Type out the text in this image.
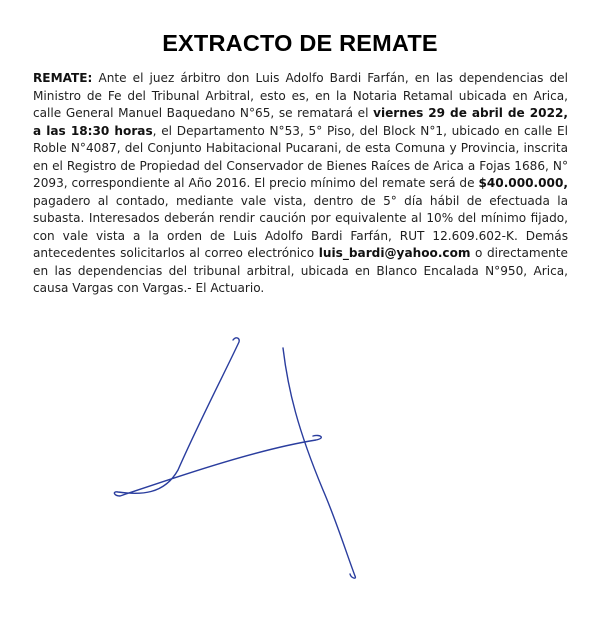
EXTRACTO DE REMATE

REMATE: Ante el juez árbitro don Luis Adolfo Bardi Farfán, en las dependencias del Ministro de Fe del Tribunal Arbitral, esto es, en la Notaria Retamal ubicada en Arica, calle General Manuel Baquedano N°65, se rematará el viernes 29 de abril de 2022, a las 18:30 horas, el Departamento N°53, 5° Piso, del Block N°1, ubicado en calle El Roble N°4087, del Conjunto Habitacional Pucarani, de esta Comuna y Provincia, inscrita en el Registro de Propiedad del Conservador de Bienes Raíces de Arica a Fojas 1686, N° 2093, correspondiente al Año 2016. El precio mínimo del remate será de $40.000.000, pagadero al contado, mediante vale vista, dentro de 5° día hábil de efectuada la subasta. Interesados deberán rendir caución por equivalente al 10% del mínimo fijado, con vale vista a la orden de Luis Adolfo Bardi Farfán, RUT 12.609.602-K. Demás antecedentes solicitarlos al correo electrónico luis_bardi@yahoo.com o directamente en las dependencias del tribunal arbitral, ubicada en Blanco Encalada N°950, Arica, causa Vargas con Vargas.- El Actuario.
